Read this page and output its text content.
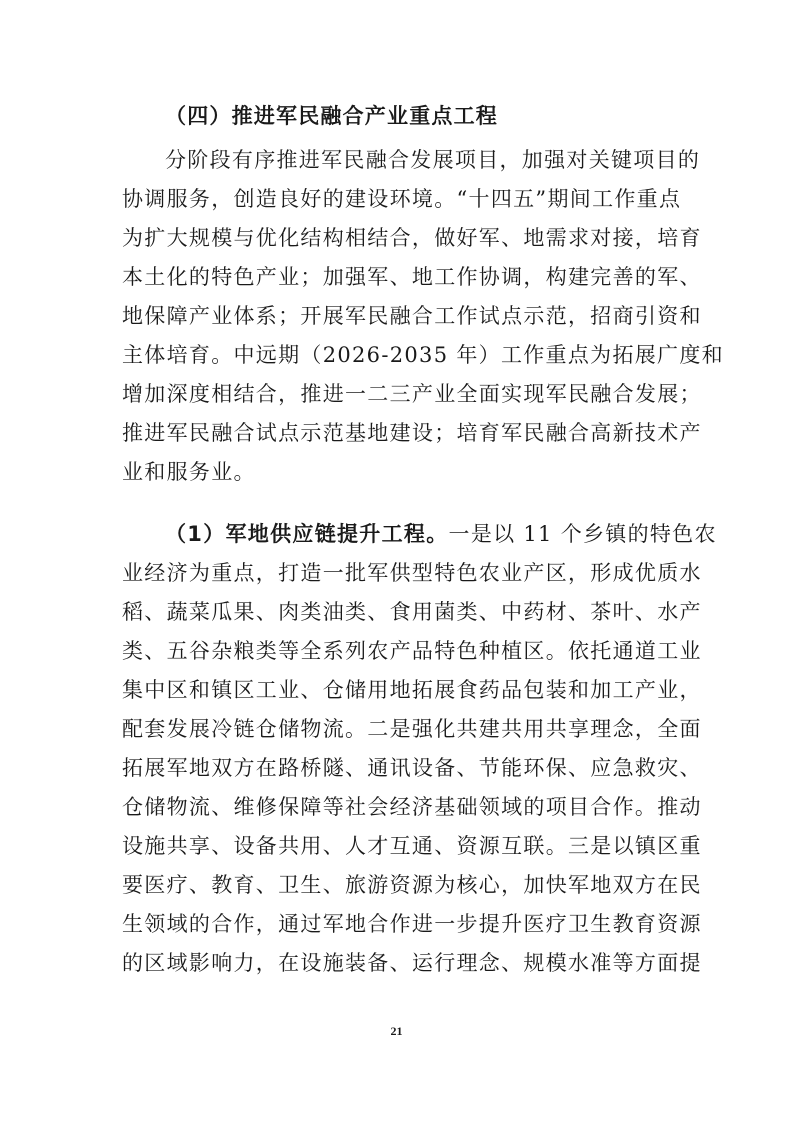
（四）推进军民融合产业重点工程
分阶段有序推进军民融合发展项目，加强对关键项目的
协调服务，创造良好的建设环境。“十四五”期间工作重点
为扩大规模与优化结构相结合，做好军、地需求对接，培育
本土化的特色产业；加强军、地工作协调，构建完善的军、
地保障产业体系；开展军民融合工作试点示范，招商引资和
主体培育。中远期（2026-2035 年）工作重点为拓展广度和
增加深度相结合，推进一二三产业全面实现军民融合发展；
推进军民融合试点示范基地建设；培育军民融合高新技术产
业和服务业。
（1）军地供应链提升工程。一是以 11 个乡镇的特色农
业经济为重点，打造一批军供型特色农业产区，形成优质水
稻、蔬菜瓜果、肉类油类、食用菌类、中药材、茶叶、水产
类、五谷杂粮类等全系列农产品特色种植区。依托通道工业
集中区和镇区工业、仓储用地拓展食药品包装和加工产业，
配套发展冷链仓储物流。二是强化共建共用共享理念，全面
拓展军地双方在路桥隧、通讯设备、节能环保、应急救灾、
仓储物流、维修保障等社会经济基础领域的项目合作。推动
设施共享、设备共用、人才互通、资源互联。三是以镇区重
要医疗、教育、卫生、旅游资源为核心，加快军地双方在民
生领域的合作，通过军地合作进一步提升医疗卫生教育资源
的区域影响力，在设施装备、运行理念、规模水准等方面提
21
